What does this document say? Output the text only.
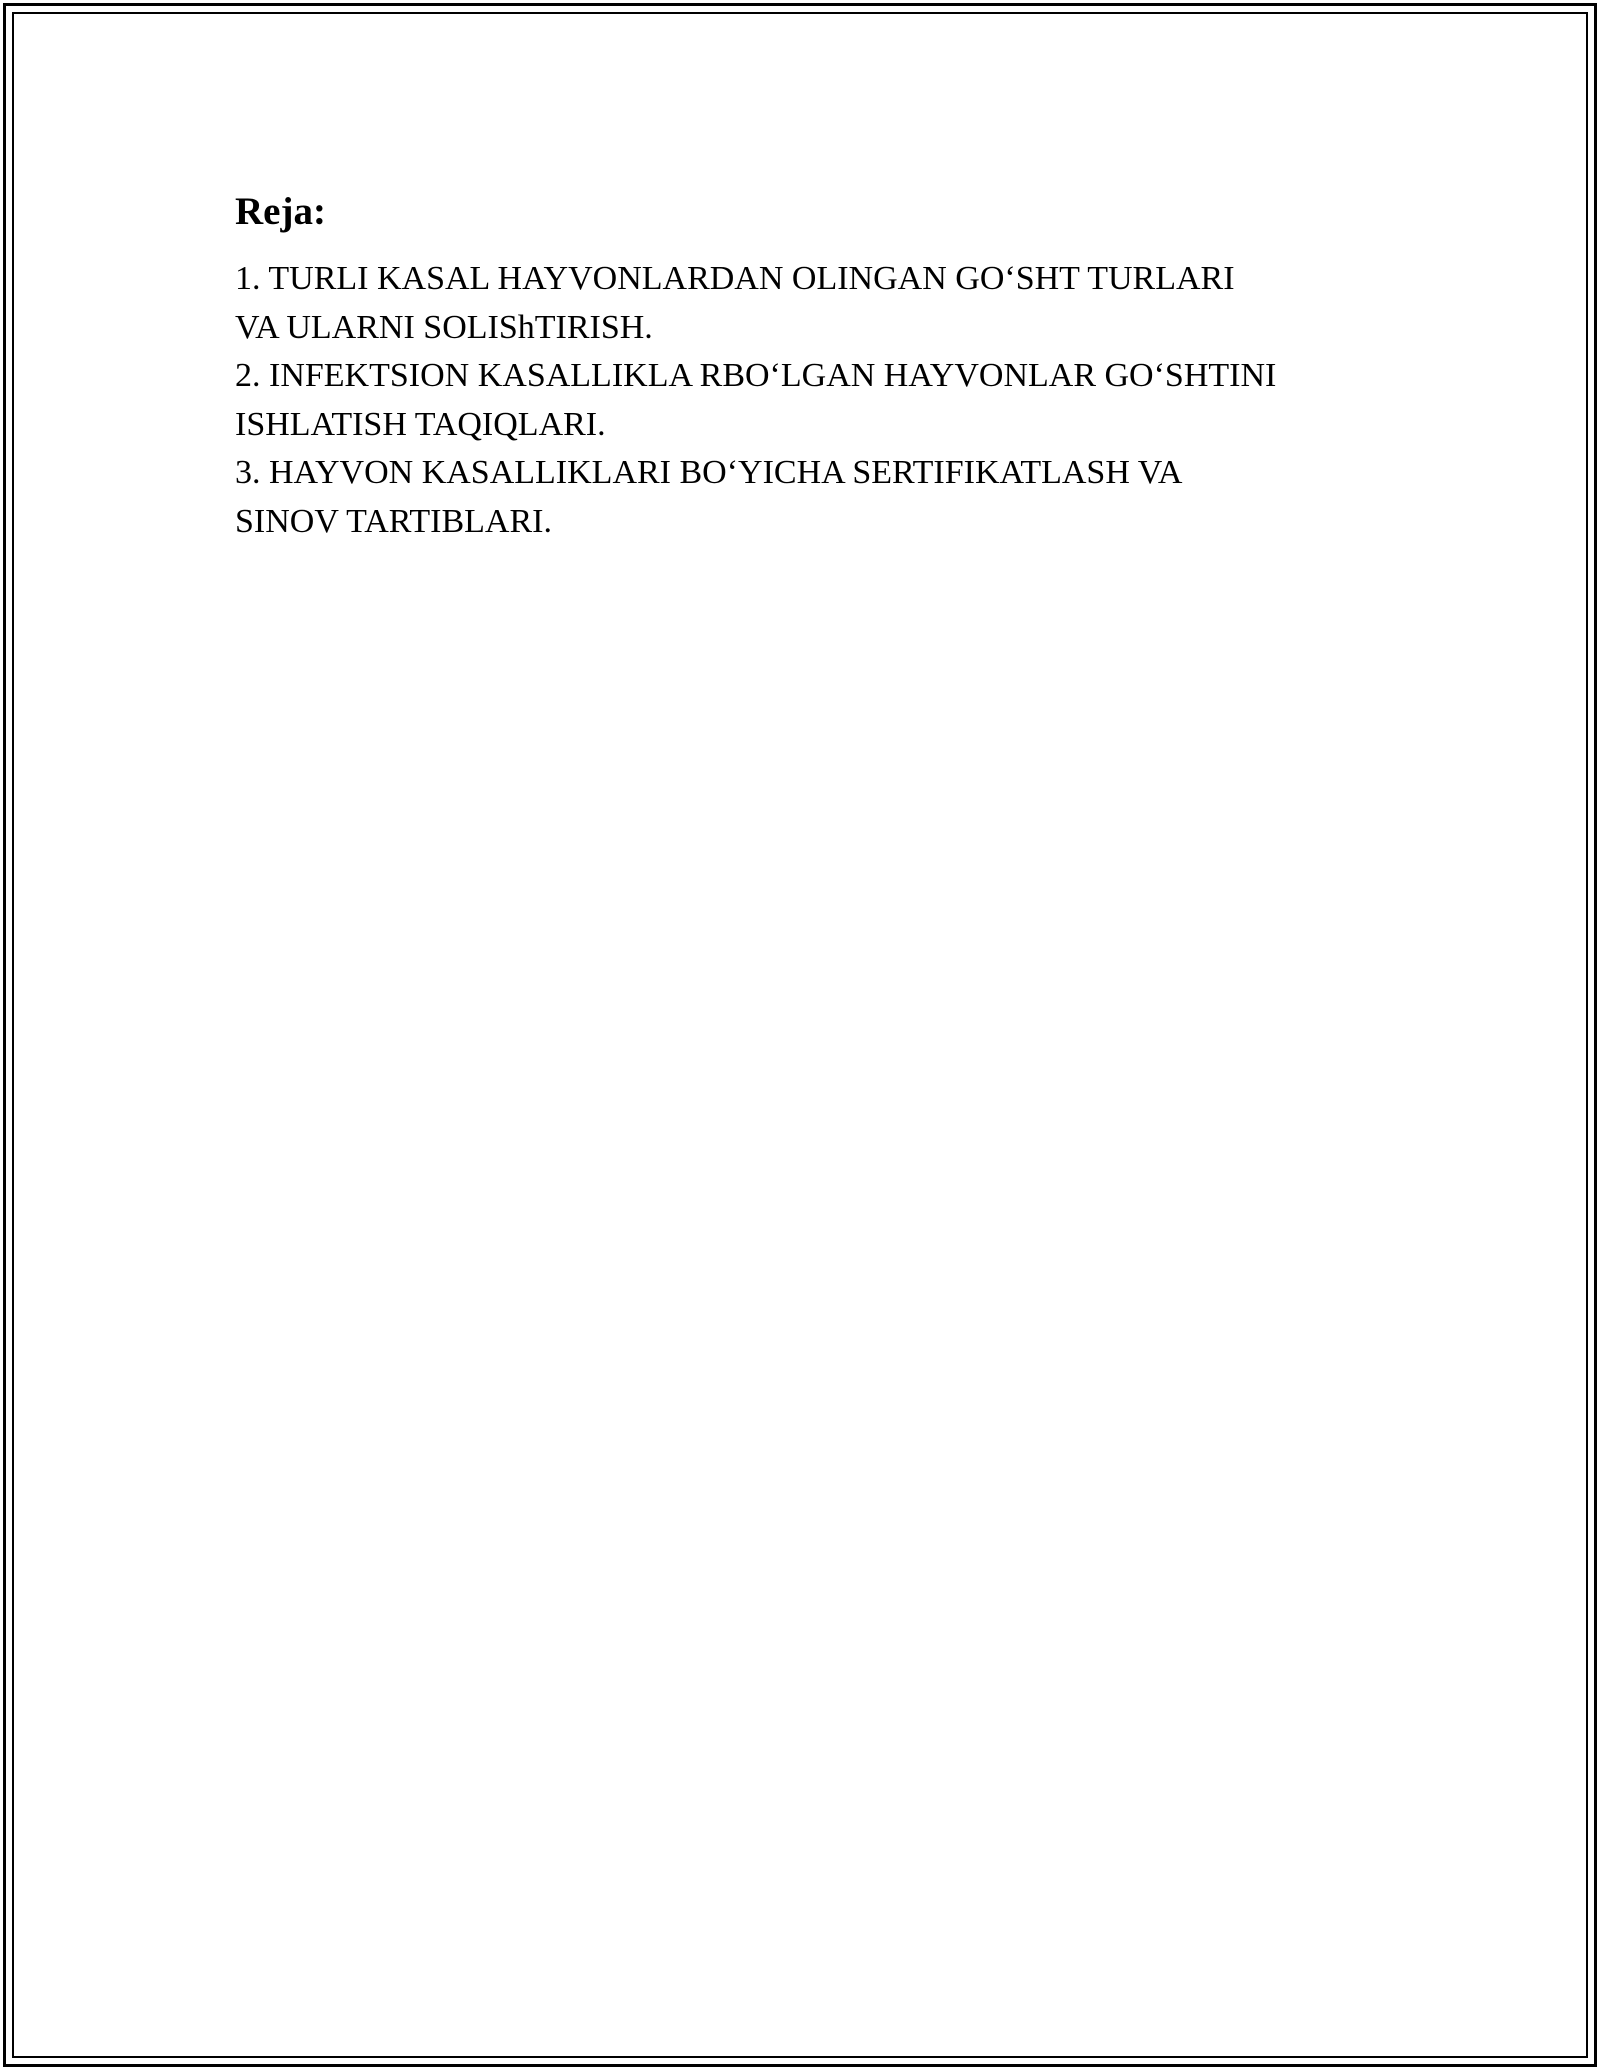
Reja:
1. TURLI KASAL HAYVONLARDAN OLINGAN GO‘SHT TURLARI
VA ULARNI SOLIShTIRISH.
2. INFEKTSION KASALLIKLA RBO‘LGAN HAYVONLAR GO‘SHTINI
ISHLATISH TAQIQLARI.
3. HAYVON KASALLIKLARI BO‘YICHA SERTIFIKATLASH VA
SINOV TARTIBLARI.
